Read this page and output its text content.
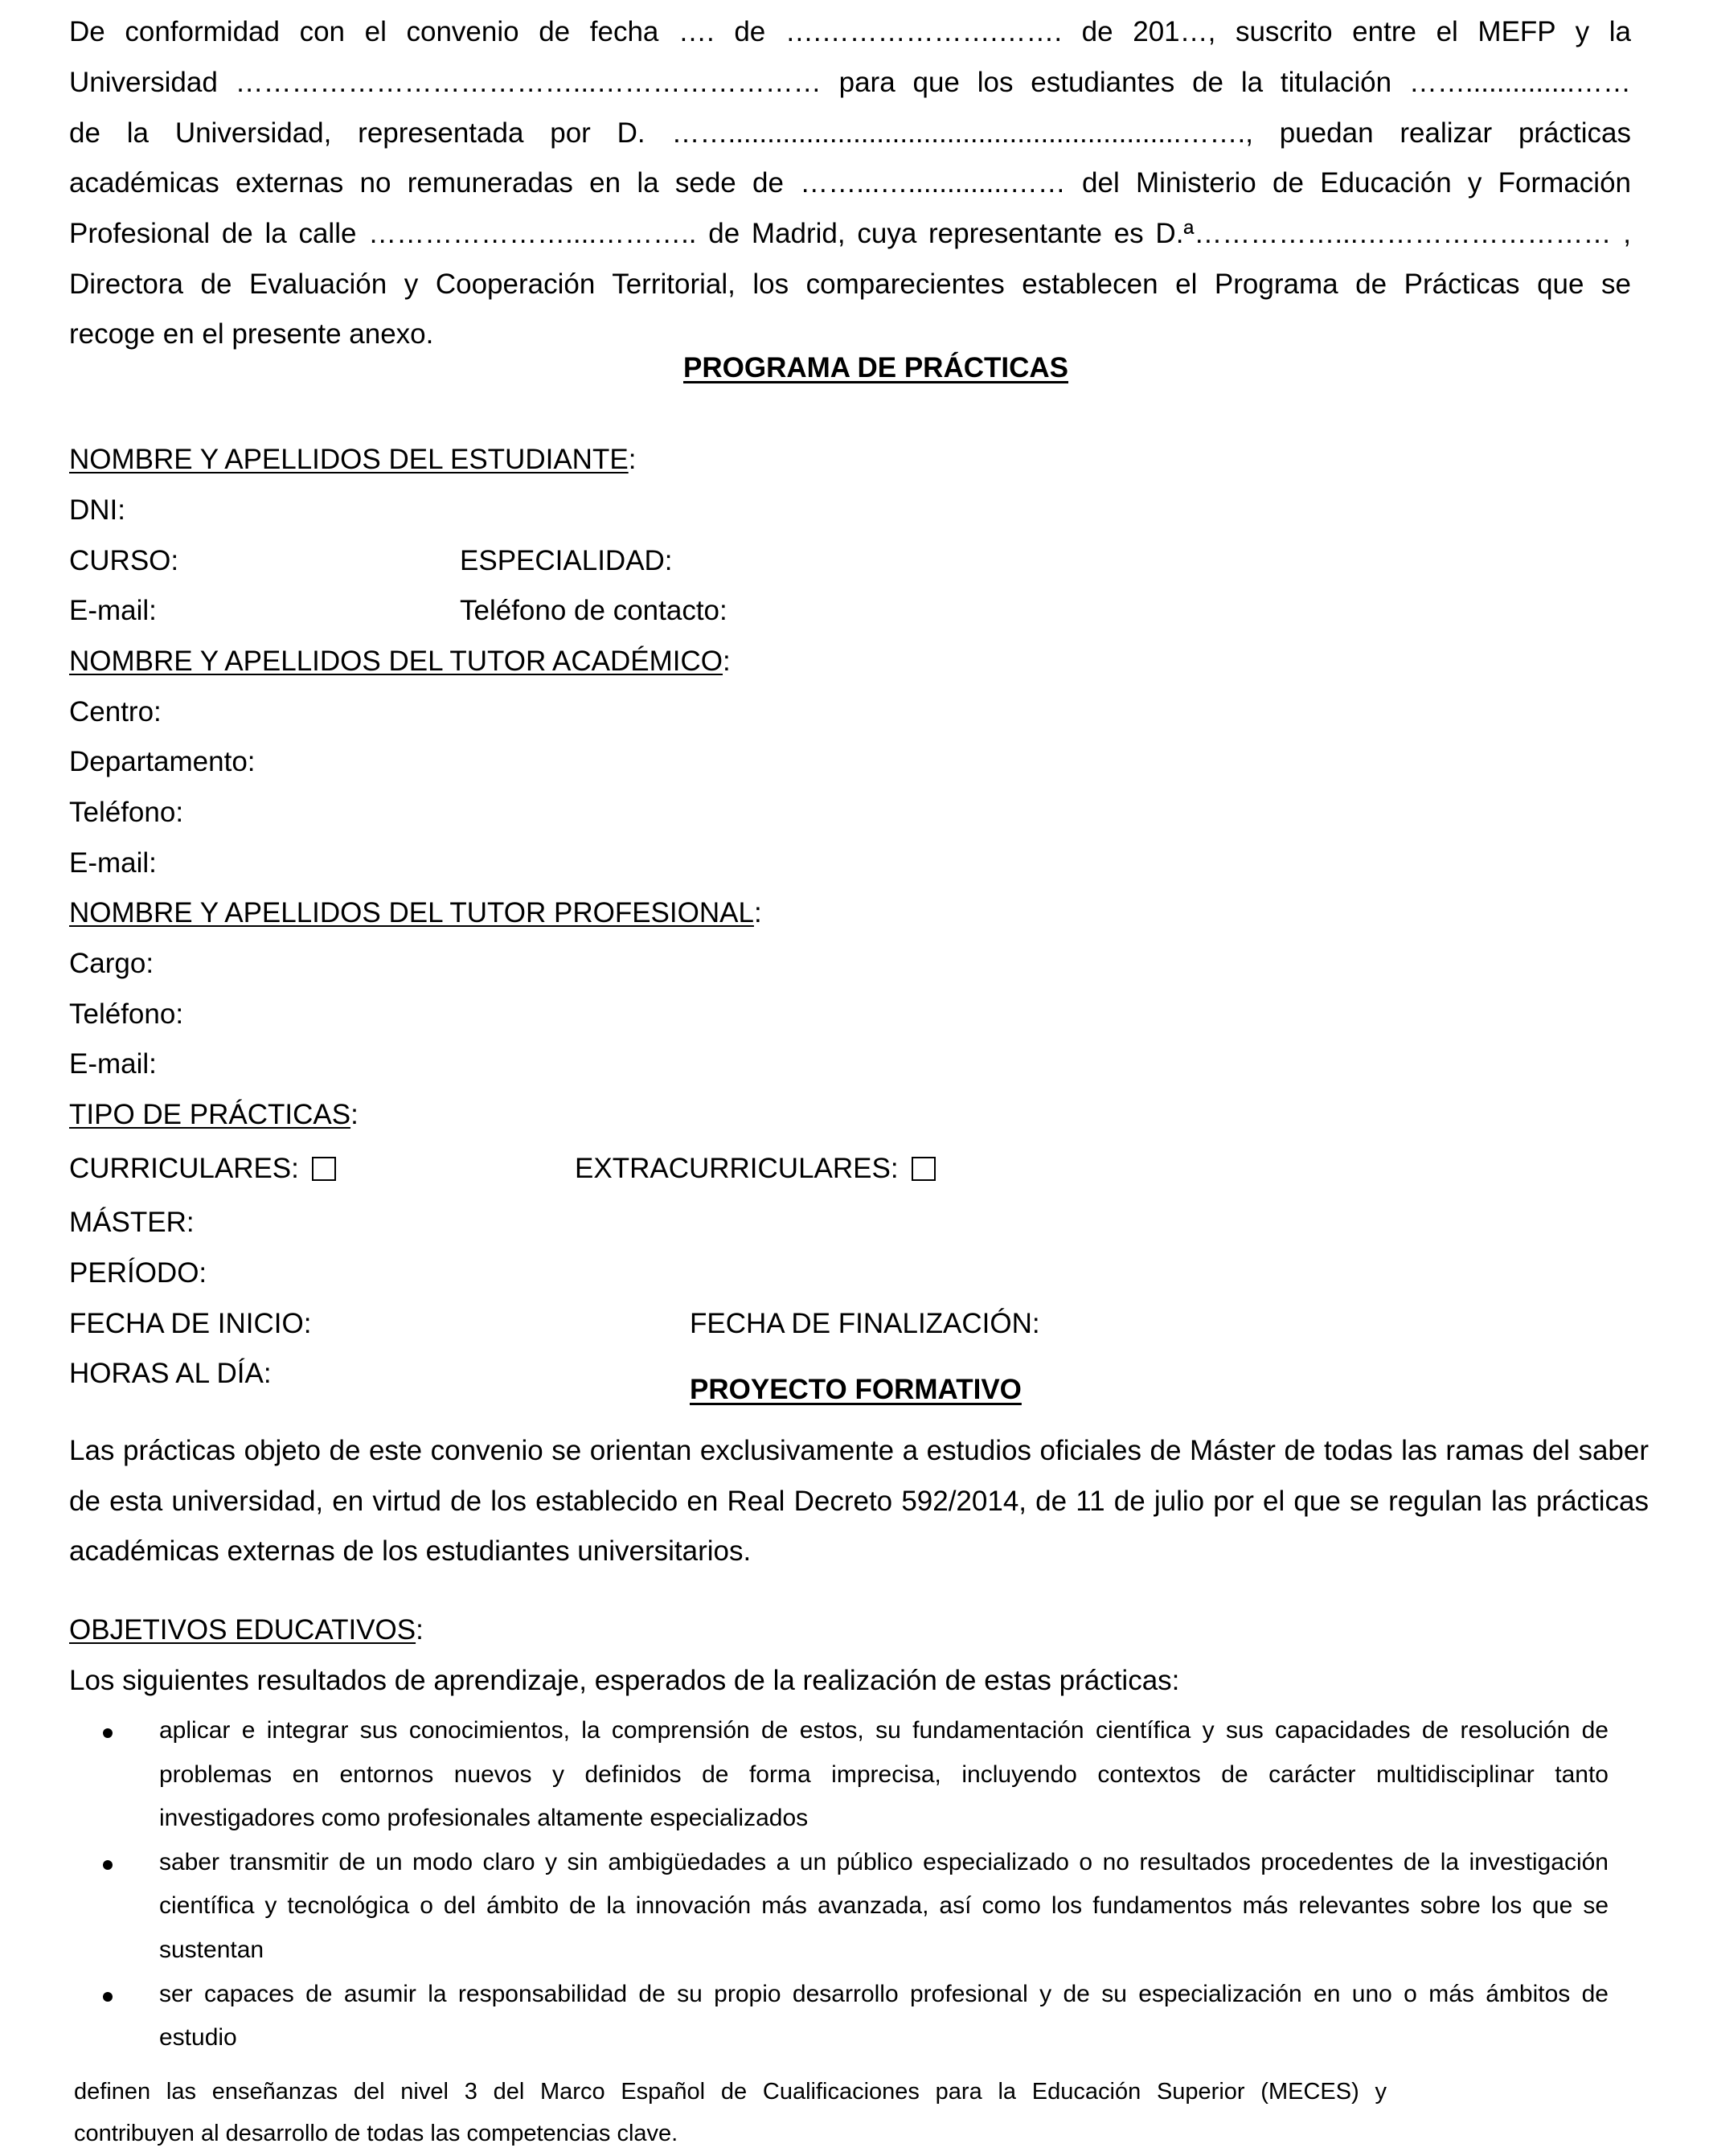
De conformidad con el convenio de fecha …. de ….……………….……. de 201…, suscrito entre el MEFP y la
Universidad ………………………………...…………………… para que los estudiantes de la titulación ……..............……
de la Universidad, representada por D. ……..........................................................……., puedan realizar prácticas
académicas externas no remuneradas en la sede de ……...….............…… del Ministerio de Educación y Formación
Profesional de la calle …………………....……….. de Madrid, cuya representante es D.ª……………...……………………… ,
Directora de Evaluación y Cooperación Territorial, los comparecientes establecen el Programa de Prácticas que se
recoge en el presente anexo.
PROGRAMA DE PRÁCTICAS
NOMBRE Y APELLIDOS DEL ESTUDIANTE:
DNI:
CURSO:	ESPECIALIDAD:
E-mail:	Teléfono de contacto:
NOMBRE Y APELLIDOS DEL TUTOR ACADÉMICO:
Centro:
Departamento:
Teléfono:
E-mail:
NOMBRE Y APELLIDOS DEL TUTOR PROFESIONAL:
Cargo:
Teléfono:
E-mail:
TIPO DE PRÁCTICAS:
CURRICULARES:	EXTRACURRICULARES:
MÁSTER:
PERÍODO:
FECHA DE INICIO:	FECHA DE FINALIZACIÓN:
HORAS AL DÍA:
PROYECTO FORMATIVO
Las prácticas objeto de este convenio se orientan exclusivamente a estudios oficiales de Máster de todas las ramas del saber
de esta universidad, en virtud de los establecido en Real Decreto 592/2014, de 11 de julio por el que se regulan las prácticas
académicas externas de los estudiantes universitarios.
OBJETIVOS EDUCATIVOS:
Los siguientes resultados de aprendizaje, esperados de la realización de estas prácticas:
aplicar e integrar sus conocimientos, la comprensión de estos, su fundamentación científica y sus capacidades de resolución de
problemas en entornos nuevos y definidos de forma imprecisa, incluyendo contextos de carácter multidisciplinar tanto
investigadores como profesionales altamente especializados
saber transmitir de un modo claro y sin ambigüedades a un público especializado o no resultados procedentes de la investigación
científica y tecnológica o del ámbito de la innovación más avanzada, así como los fundamentos más relevantes sobre los que se
sustentan
ser capaces de asumir la responsabilidad de su propio desarrollo profesional y de su especialización en uno o más ámbitos de
estudio
definen las enseñanzas del nivel 3 del Marco Español de Cualificaciones para la Educación Superior (MECES) y
contribuyen al desarrollo de todas las competencias clave.
